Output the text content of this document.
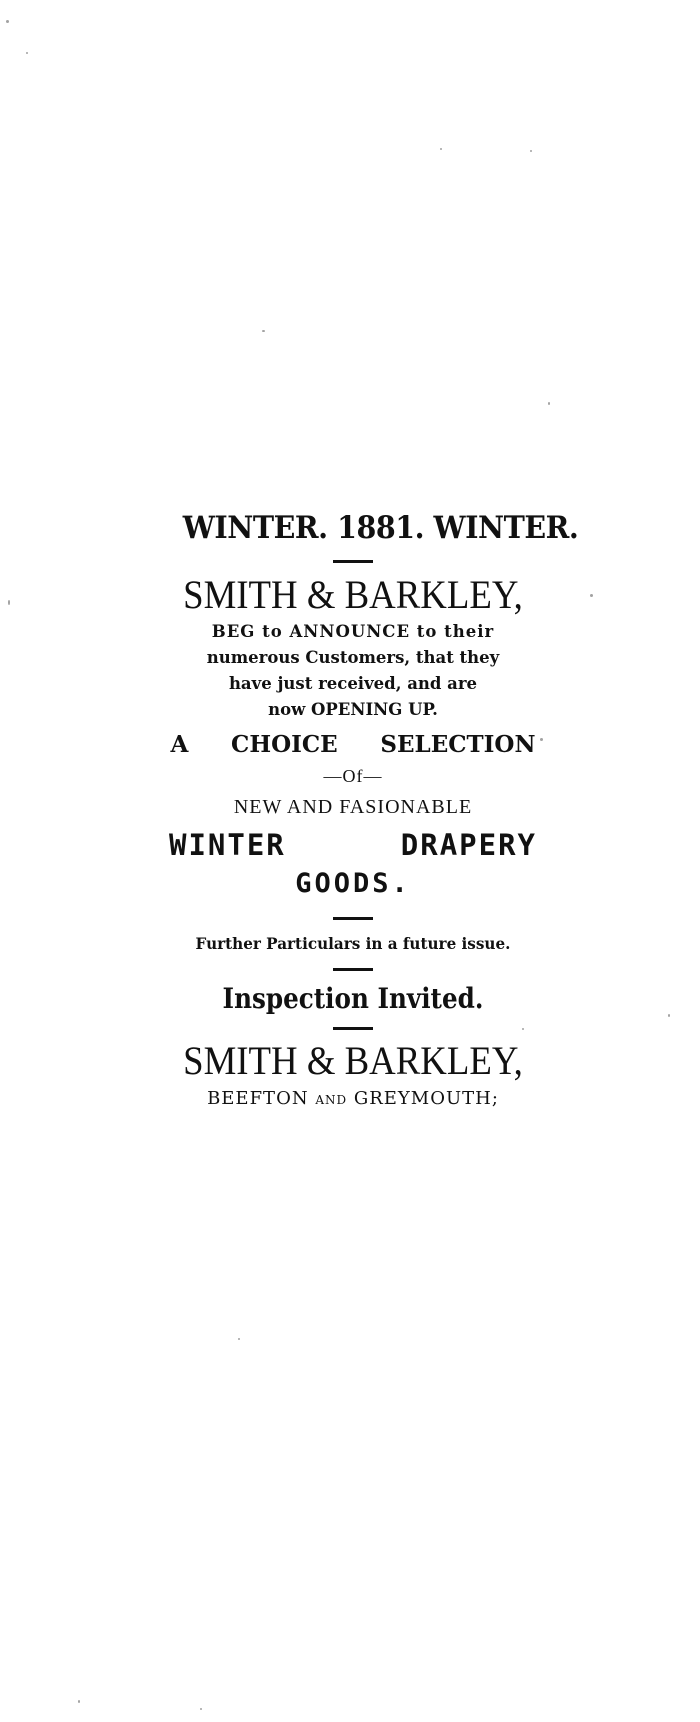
WINTER. 1881. WINTER.
SMITH & BARKLEY,
BEG to ANNOUNCE to their
numerous Customers, that they
have just received, and are
now OPENING UP.
A CHOICE SELECTION
—Of—
NEW AND FASIONABLE
WINTER	DRAPERY
GOODS.
Further Particulars in a future issue.
Inspection Invited.
SMITH & BARKLEY,
BEEFTON AND GREYMOUTH;
